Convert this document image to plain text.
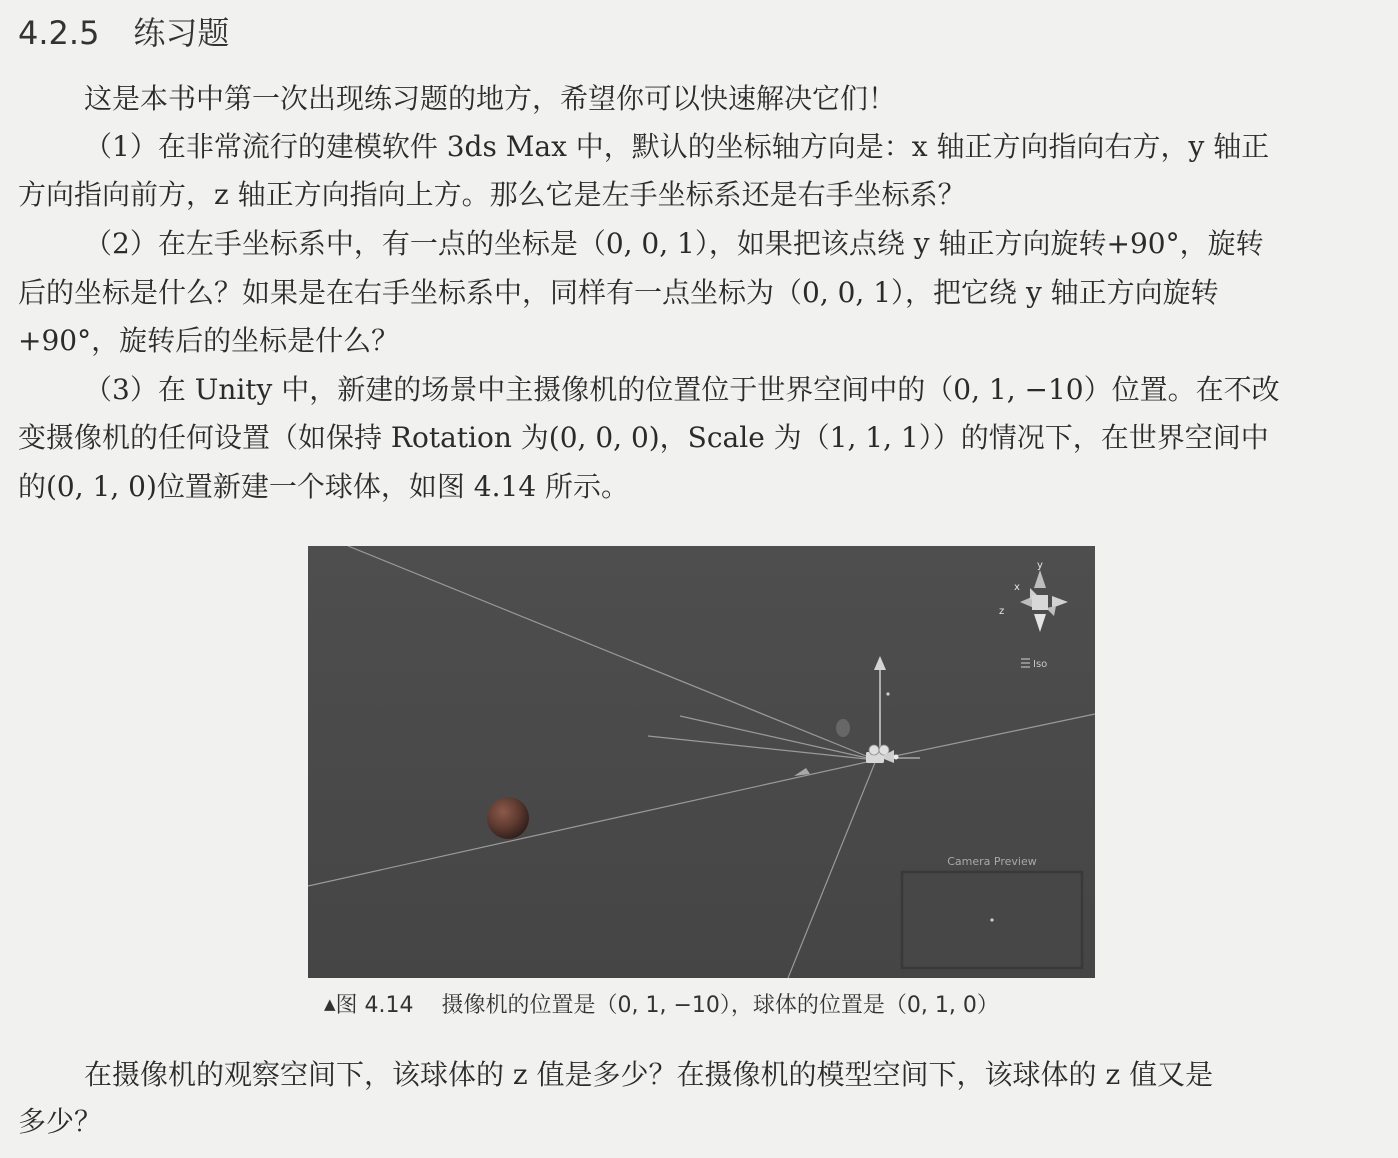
4.2.5 练习题
这是本书中第一次出现练习题的地方，希望你可以快速解决它们！
（1）在非常流行的建模软件 3ds Max 中，默认的坐标轴方向是：x 轴正方向指向右方，y 轴正
方向指向前方，z 轴正方向指向上方。那么它是左手坐标系还是右手坐标系？
（2）在左手坐标系中，有一点的坐标是（0, 0, 1），如果把该点绕 y 轴正方向旋转+90°，旋转
后的坐标是什么？如果是在右手坐标系中，同样有一点坐标为（0, 0, 1），把它绕 y 轴正方向旋转
+90°，旋转后的坐标是什么？
（3）在 Unity 中，新建的场景中主摄像机的位置位于世界空间中的（0, 1, −10）位置。在不改
变摄像机的任何设置（如保持 Rotation 为(0, 0, 0)，Scale 为（1, 1, 1））的情况下，在世界空间中
的(0, 1, 0)位置新建一个球体，如图 4.14 所示。
y
x
z
Iso
Camera Preview
▲图 4.14 摄像机的位置是（0, 1, −10），球体的位置是（0, 1, 0）
在摄像机的观察空间下，该球体的 z 值是多少？在摄像机的模型空间下，该球体的 z 值又是
多少？
